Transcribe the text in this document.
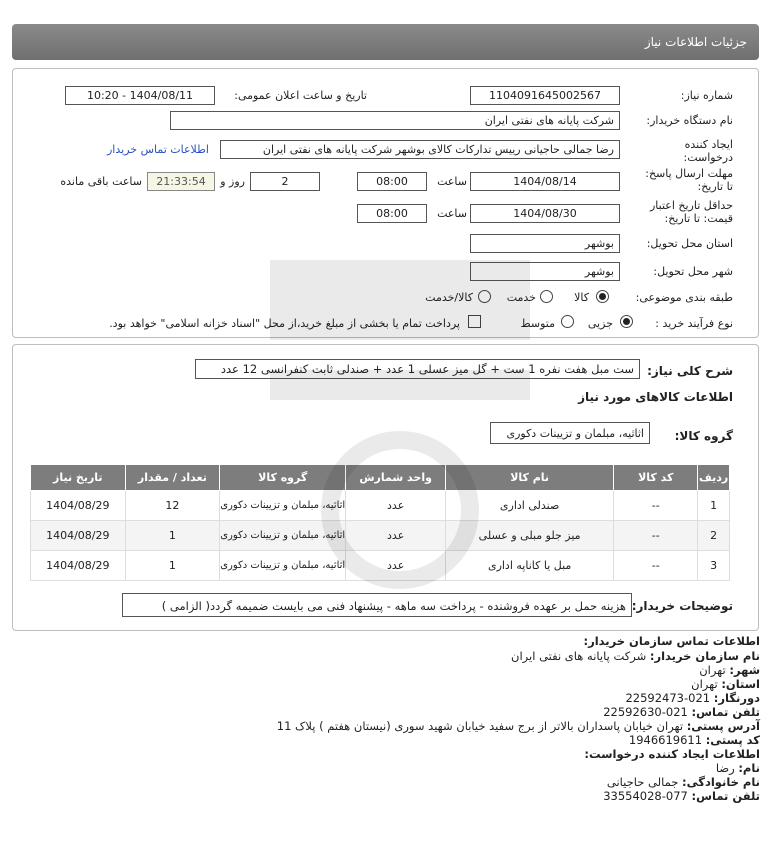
جزئیات اطلاعات نیاز
شماره نیاز:
1104091645002567
تاریخ و ساعت اعلان عمومی:
1404/08/11 - 10:20
نام دستگاه خریدار:
شرکت پایانه های نفتی ایران
ایجاد کننده درخواست:
رضا جمالی حاجیانی رییس تداركات كالای بوشهر شرکت پایانه های نفتی ایران
اطلاعات تماس خریدار
مهلت ارسال پاسخ: تا تاریخ:
1404/08/14
ساعت
08:00
2
روز و
21:33:54
ساعت باقی مانده
حداقل تاریخ اعتبار قیمت: تا تاریخ:
1404/08/30
ساعت
08:00
استان محل تحویل:
بوشهر
شهر محل تحویل:
بوشهر
طبقه بندی موضوعی:
کالا
خدمت
کالا/خدمت
نوع فرآیند خرید :
جزیی
متوسط
پرداخت تمام یا بخشی از مبلغ خرید،از محل "اسناد خزانه اسلامی" خواهد بود.
شرح کلی نیاز:
ست مبل هفت نفره 1 ست + گل میز عسلی 1 عدد + صندلی ثابت کنفرانسی 12 عدد
اطلاعات کالاهای مورد نیاز
گروه کالا:
اثاثیه، مبلمان و تزیینات دکوری
ردیف	کد کالا	نام کالا	واحد شمارش	گروه کالا	تعداد / مقدار	تاریخ نیاز
1	--	صندلی اداری	عدد	اثاثیه، مبلمان و تزیینات دکوری	12	1404/08/29
2	--	میز جلو مبلی و عسلی	عدد	اثاثیه، مبلمان و تزیینات دکوری	1	1404/08/29
3	--	مبل یا کاناپه اداری	عدد	اثاثیه، مبلمان و تزیینات دکوری	1	1404/08/29
توضیحات خریدار:
هزینه حمل بر عهده فروشنده - پرداخت سه ماهه - پیشنهاد فنی می بایست ضمیمه گردد( الزامی )
اطلاعات تماس سازمان خریدار:
نام سازمان خریدار: شرکت پایانه های نفتی ایران
شهر: تهران
استان: تهران
دورنگار: 021-22592473
تلفن تماس: 021-22592630
آدرس پستی: تهران خیابان پاسداران بالاتر از برج سفید خیابان شهید سوری (نیستان هفتم ) پلاک 11
کد پستی: 1946619611
اطلاعات ایجاد کننده درخواست:
نام: رضا
نام خانوادگی: جمالی حاجیانی
تلفن تماس: 077-33554028
